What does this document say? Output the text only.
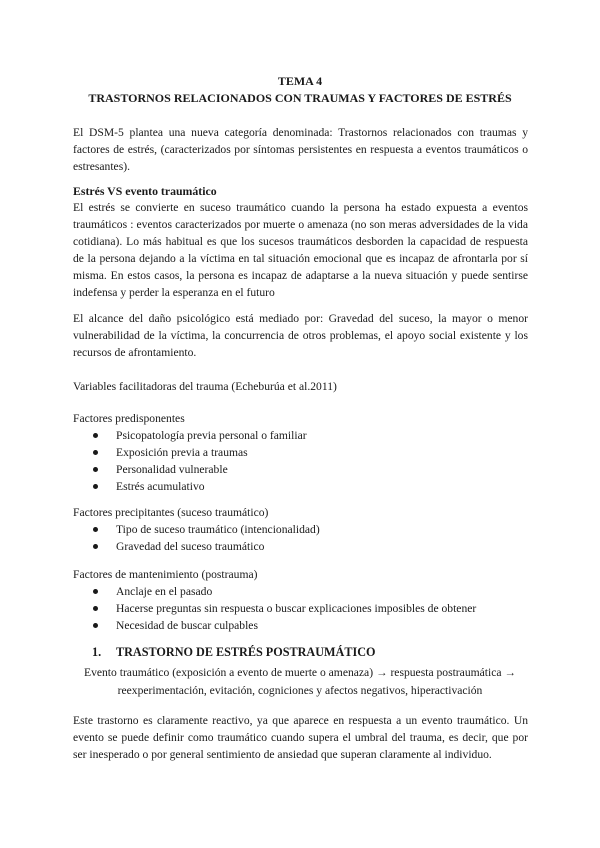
TEMA 4
TRASTORNOS RELACIONADOS CON TRAUMAS Y FACTORES DE ESTRÉS

El DSM-5 plantea una nueva categoría denominada: Trastornos relacionados con traumas y factores de estrés, (caracterizados por síntomas persistentes en respuesta a eventos traumáticos o estresantes).

Estrés VS evento traumático

El estrés se convierte en suceso traumático cuando la persona ha estado expuesta a eventos traumáticos : eventos caracterizados por muerte o amenaza (no son meras adversidades de la vida cotidiana). Lo más habitual es que los sucesos traumáticos desborden la capacidad de respuesta de la persona dejando a la víctima en tal situación emocional que es incapaz de afrontarla por sí misma. En estos casos, la persona es incapaz de adaptarse a la nueva situación y puede sentirse indefensa y perder la esperanza en el futuro

El alcance del daño psicológico está mediado por: Gravedad del suceso, la mayor o menor vulnerabilidad de la víctima, la concurrencia de otros problemas, el apoyo social existente y los recursos de afrontamiento.

Variables facilitadoras del trauma (Echeburúa et al.2011)
Factores predisponentes
Psicopatología previa personal o familiar
Exposición previa a traumas
Personalidad vulnerable
Estrés acumulativo
Factores precipitantes (suceso traumático)
Tipo de suceso traumático (intencionalidad)
Gravedad del suceso traumático
Factores de mantenimiento (postrauma)
Anclaje en el pasado
Hacerse preguntas sin respuesta o buscar explicaciones imposibles de obtener
Necesidad de buscar culpables
1. TRASTORNO DE ESTRÉS POSTRAUMÁTICO
Evento traumático (exposición a evento de muerte o amenaza) → respuesta postraumática →
reexperimentación, evitación, cogniciones y afectos negativos, hiperactivación

Este trastorno es claramente reactivo, ya que aparece en respuesta a un evento traumático. Un evento se puede definir como traumático cuando supera el umbral del trauma, es decir, que por ser inesperado o por general sentimiento de ansiedad que superan claramente al individuo.
